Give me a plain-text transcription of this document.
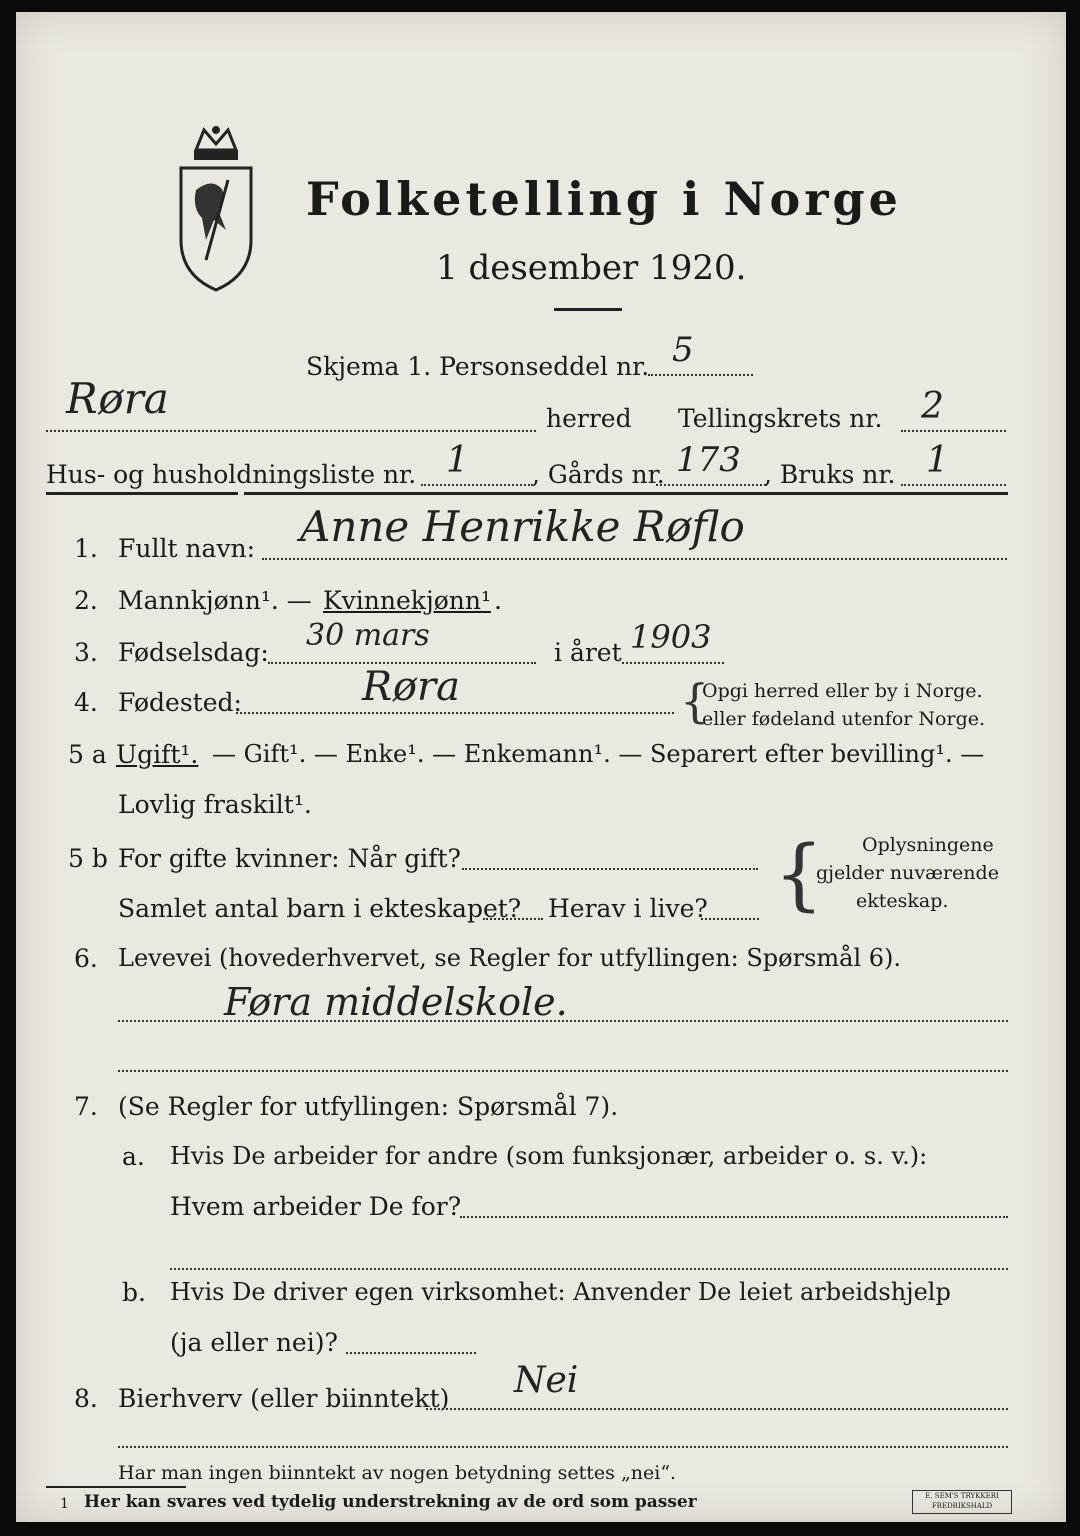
Folketelling i Norge
1 desember 1920.
Skjema 1. Personseddel nr. 5
Røra	herred Tellingskrets nr. 2
Hus- og husholdningsliste nr. 1	, Gårds nr. 173 , Bruks nr. 1
1. Fullt navn: Anne Henrikke Røflo
2. Mannkjønn¹. — Kvinnekjønn¹ .
3. Fødselsdag: 30 mars	i året 1903
4. Fødested:	Røra	{
Opgi herred eller by i Norge.
eller fødeland utenfor Norge.
5 a Ugift¹. — Gift¹. — Enke¹. — Enkemann¹. — Separert efter bevilling¹. —
Lovlig fraskilt¹.
5 b For gifte kvinner: Når gift?
Samlet antal barn i ekteskapet? Herav i live? { Oplysningene
gjelder nuværende
ekteskap.
6. Levevei (hovederhvervet, se Regler for utfyllingen: Spørsmål 6).
Føra middelskole.
7. (Se Regler for utfyllingen: Spørsmål 7).
a. Hvis De arbeider for andre (som funksjonær, arbeider o. s. v.):
Hvem arbeider De for?
b. Hvis De driver egen virksomhet: Anvender De leiet arbeidshjelp
(ja eller nei)?
8. Bierhverv (eller biinntekt) Nei
Har man ingen biinntekt av nogen betydning settes „nei“.
1 Her kan svares ved tydelig understrekning av de ord som passer	E. SEM'S TRYKKERI
FREDRIKSHALD
